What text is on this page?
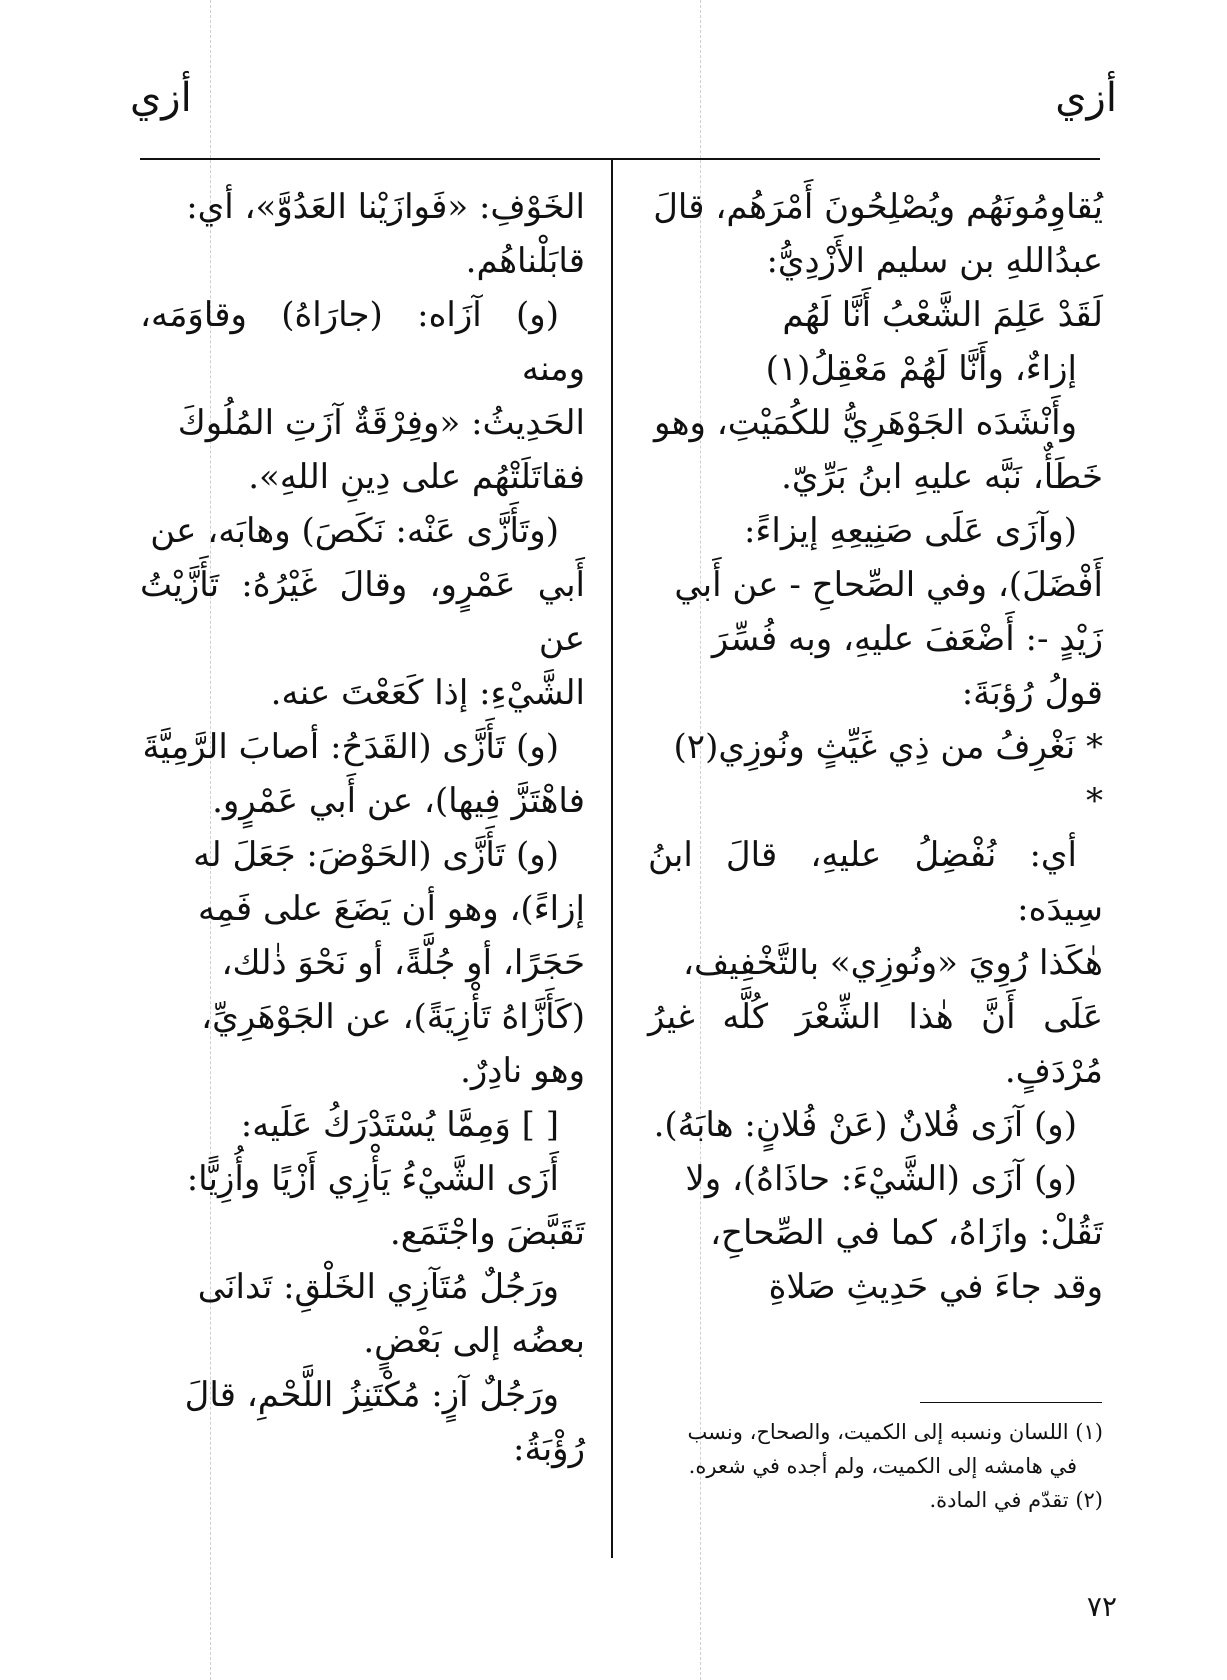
أزي
أزي

يُقاوِمُونَهُم ويُصْلِحُونَ أَمْرَهُم، قالَ

عبدُاللهِ بن سليم الأَزْدِيُّ:

لَقَدْ عَلِمَ الشَّعْبُ أَنَّا لَهُم

إزاءٌ، وأَنَّا لَهُمْ مَعْقِلُ(١)

وأَنْشَدَه الجَوْهَرِيُّ للكُمَيْتِ، وهو

خَطَأٌ، نَبَّه عليهِ ابنُ بَرِّيّ.

(وآزَى عَلَى صَنِيعِهِ إيزاءً:

أَفْضَلَ)، وفي الصِّحاحِ - عن أَبي

زَيْدٍ -: أَضْعَفَ عليهِ، وبه فُسِّرَ

قولُ رُؤبَةَ:

* نَغْرِفُ من ذِي غَيِّثٍ ونُوزِي(٢) *

أي: نُفْضِلُ عليهِ، قالَ ابنُ سِيدَه:

هٰكَذا رُوِيَ «ونُوزِي» بالتَّخْفِيف،

عَلَى أَنَّ هٰذا الشِّعْرَ كُلَّه غيرُ مُرْدَفٍ.

(و) آزَى فُلانٌ (عَنْ فُلانٍ: هابَهُ).

(و) آزَى (الشَّيْءَ: حاذَاهُ)، ولا

تَقُلْ: وازَاهُ، كما في الصِّحاحِ،

وقد جاءَ في حَدِيثِ صَلاةِ

الخَوْفِ: «فَوازَيْنا العَدُوَّ»، أي:

قابَلْناهُم.

(و) آزَاه: (جارَاهُ) وقاوَمَه، ومنه

الحَدِيثُ: «وفِرْقَةٌ آزَتِ المُلُوكَ

فقاتَلَتْهُم على دِينِ اللهِ».

(وتَأَزَّى عَنْه: نَكَصَ) وهابَه، عن

أَبي عَمْرٍو، وقالَ غَيْرُهُ: تَأَزَّيْتُ عن

الشَّيْءِ: إذا كَعَعْتَ عنه.

(و) تَأَزَّى (القَدَحُ: أصابَ الرَّمِيَّةَ

فاهْتَزَّ فِيها)، عن أَبي عَمْرٍو.

(و) تَأَزَّى (الحَوْضَ: جَعَلَ له

إزاءً)، وهو أن يَضَعَ على فَمِه

حَجَرًا، أو جُلَّةً، أو نَحْوَ ذٰلك،

(كَأَزَّاهُ تَأْزِيَةً)، عن الجَوْهَرِيِّ،

وهو نادِرٌ.

[ ] وَمِمَّا يُسْتَدْرَكُ عَلَيه:

أَزَى الشَّيْءُ يَأْزِي أَزْيًا وأُزِيًّا:

تَقَبَّضَ واجْتَمَع.

ورَجُلٌ مُتَآزِي الخَلْقِ: تَدانَى

بعضُه إلى بَعْضٍ.

ورَجُلٌ آزٍ: مُكْتَنِزُ اللَّحْمِ، قالَ

رُؤْبَةُ:	(١) اللسان ونسبه إلى الكميت، والصحاح، ونسب

في هامشه إلى الكميت، ولم أجده في شعره.

(٢) تقدّم في المادة.

٧٢
